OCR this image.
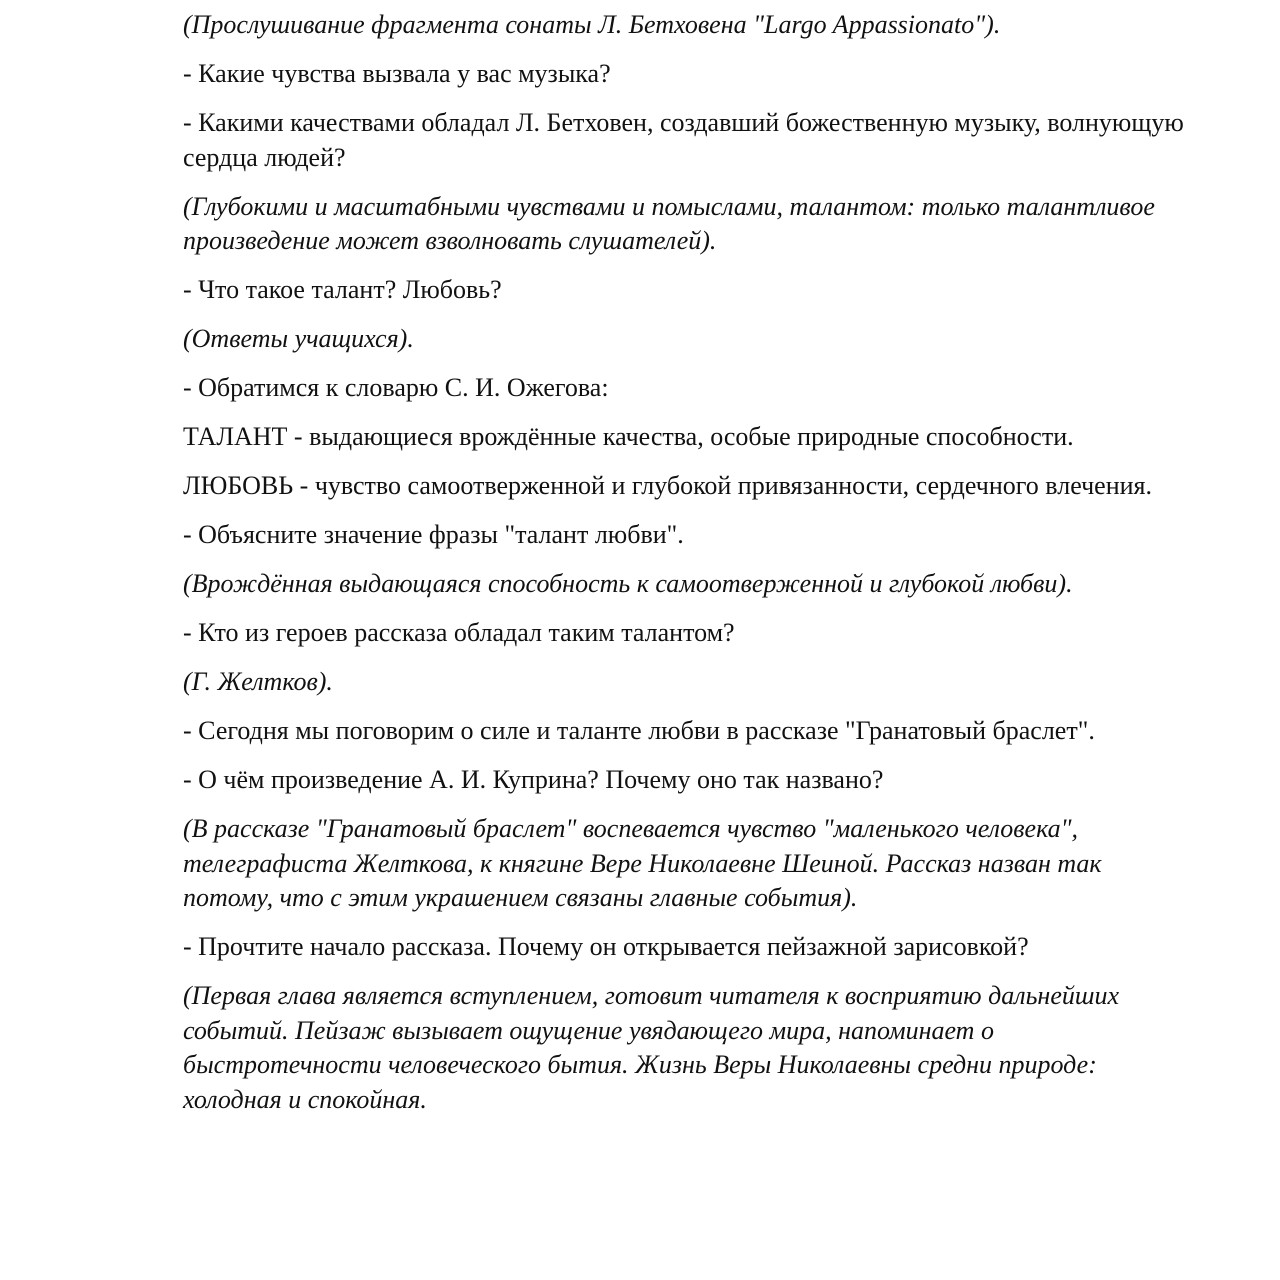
(Прослушивание фрагмента сонаты Л. Бетховена "Largo Appassionato").

- Какие чувства вызвала у вас музыка?

- Какими качествами обладал Л. Бетховен, создавший божественную музыку, волнующую сердца людей?

(Глубокими и масштабными чувствами и помыслами, талантом: только талантливое произведение может взволновать слушателей).

- Что такое талант? Любовь?

(Ответы учащихся).

- Обратимся к словарю С. И. Ожегова:

ТАЛАНТ - выдающиеся врождённые качества, особые природные способности.

ЛЮБОВЬ - чувство самоотверженной и глубокой привязанности, сердечного влечения.

- Объясните значение фразы "талант любви".

(Врождённая выдающаяся способность к самоотверженной и глубокой любви).

- Кто из героев рассказа обладал таким талантом?

(Г. Желтков).

- Сегодня мы поговорим о силе и таланте любви в рассказе "Гранатовый браслет".

- О чём произведение А. И. Куприна? Почему оно так названо?

(В рассказе "Гранатовый браслет" воспевается чувство "маленького человека", телеграфиста Желткова, к княгине Вере Николаевне Шеиной. Рассказ назван так потому, что с этим украшением связаны главные события).

- Прочтите начало рассказа. Почему он открывается пейзажной зарисовкой?

(Первая глава является вступлением, готовит читателя к восприятию дальнейших событий. Пейзаж вызывает ощущение увядающего мира, напоминает о быстротечности человеческого бытия. Жизнь Веры Николаевны средни природе: холодная и спокойная.
